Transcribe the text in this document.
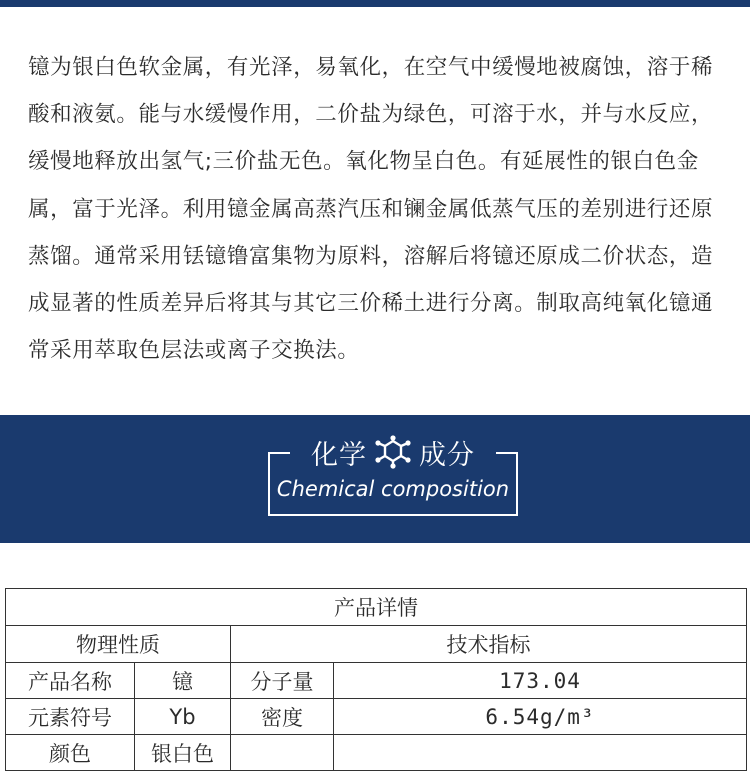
镱为银白色软金属，有光泽，易氧化，在空气中缓慢地被腐蚀，溶于稀酸和液氨。能与水缓慢作用，二价盐为绿色，可溶于水，并与水反应，缓慢地释放出氢气;三价盐无色。氧化物呈白色。有延展性的银白色金属，富于光泽。利用镱金属高蒸汽压和镧金属低蒸气压的差别进行还原蒸馏。通常采用铥镱镥富集物为原料，溶解后将镱还原成二价状态，造成显著的性质差异后将其与其它三价稀土进行分离。制取高纯氧化镱通常采用萃取色层法或离子交换法。
化学 成分
Chemical composition
产品详情			
物理性质		技术指标	
产品名称	镱	分子量	173.04
元素符号	Yb	密度	6.54g/m³
颜色	银白色		
